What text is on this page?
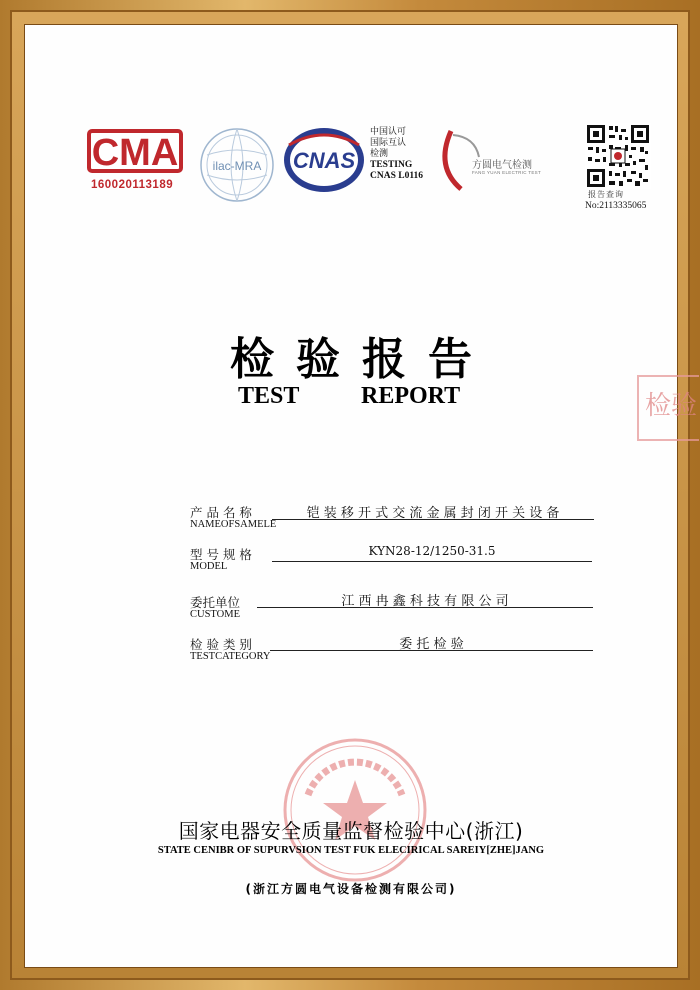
CMA
160020113189
ilac-MRA CNAS
中国认可
国际互认
检测
TESTING
CNAS L0116
方圆电气检测
FANG YUAN ELECTRIC TEST
报告查询
No:2113335065
检验报告
TEST	REPORT	检验
产 品 名 称
NAMEOFSAMELE
铠 装 移 开 式 交 流 金 属 封 闭 开 关 设 备
型 号 规 格
MODEL
KYN28-12/1250-31.5
委托单位
CUSTOME
江 西 冉 鑫 科 技 有 限 公 司
检 验 类 别
TESTCATEGORY
委 托 检 验
国家电器安全质量监督检验中心(浙江)
STATE CENIBR OF SUPURVSION TEST FUK ELECIRICAL SAREIY[ZHE]JANG
(浙江方圆电气设备检测有限公司)
